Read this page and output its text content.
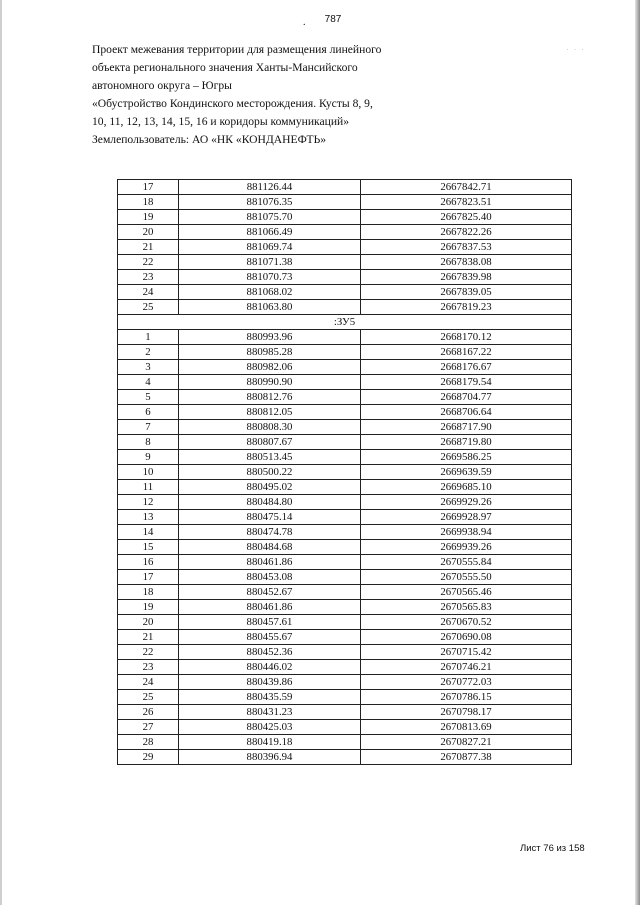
.	787
· · ·
Проект межевания территории для размещения линейного
объекта регионального значения Ханты-Мансийского
автономного округа – Югры
«Обустройство Кондинского месторождения. Кусты 8, 9,
10, 11, 12, 13, 14, 15, 16 и коридоры коммуникаций»
Землепользователь: АО «НК «КОНДАНЕФТЬ»
17	881126.44	2667842.71
18	881076.35	2667823.51
19	881075.70	2667825.40
20	881066.49	2667822.26
21	881069.74	2667837.53
22	881071.38	2667838.08
23	881070.73	2667839.98
24	881068.02	2667839.05
25	881063.80	2667819.23
:ЗУ5		
1	880993.96	2668170.12
2	880985.28	2668167.22
3	880982.06	2668176.67
4	880990.90	2668179.54
5	880812.76	2668704.77
6	880812.05	2668706.64
7	880808.30	2668717.90
8	880807.67	2668719.80
9	880513.45	2669586.25
10	880500.22	2669639.59
11	880495.02	2669685.10
12	880484.80	2669929.26
13	880475.14	2669928.97
14	880474.78	2669938.94
15	880484.68	2669939.26
16	880461.86	2670555.84
17	880453.08	2670555.50
18	880452.67	2670565.46
19	880461.86	2670565.83
20	880457.61	2670670.52
21	880455.67	2670690.08
22	880452.36	2670715.42
23	880446.02	2670746.21
24	880439.86	2670772.03
25	880435.59	2670786.15
26	880431.23	2670798.17
27	880425.03	2670813.69
28	880419.18	2670827.21
29	880396.94	2670877.38
Лист 76 из 158
